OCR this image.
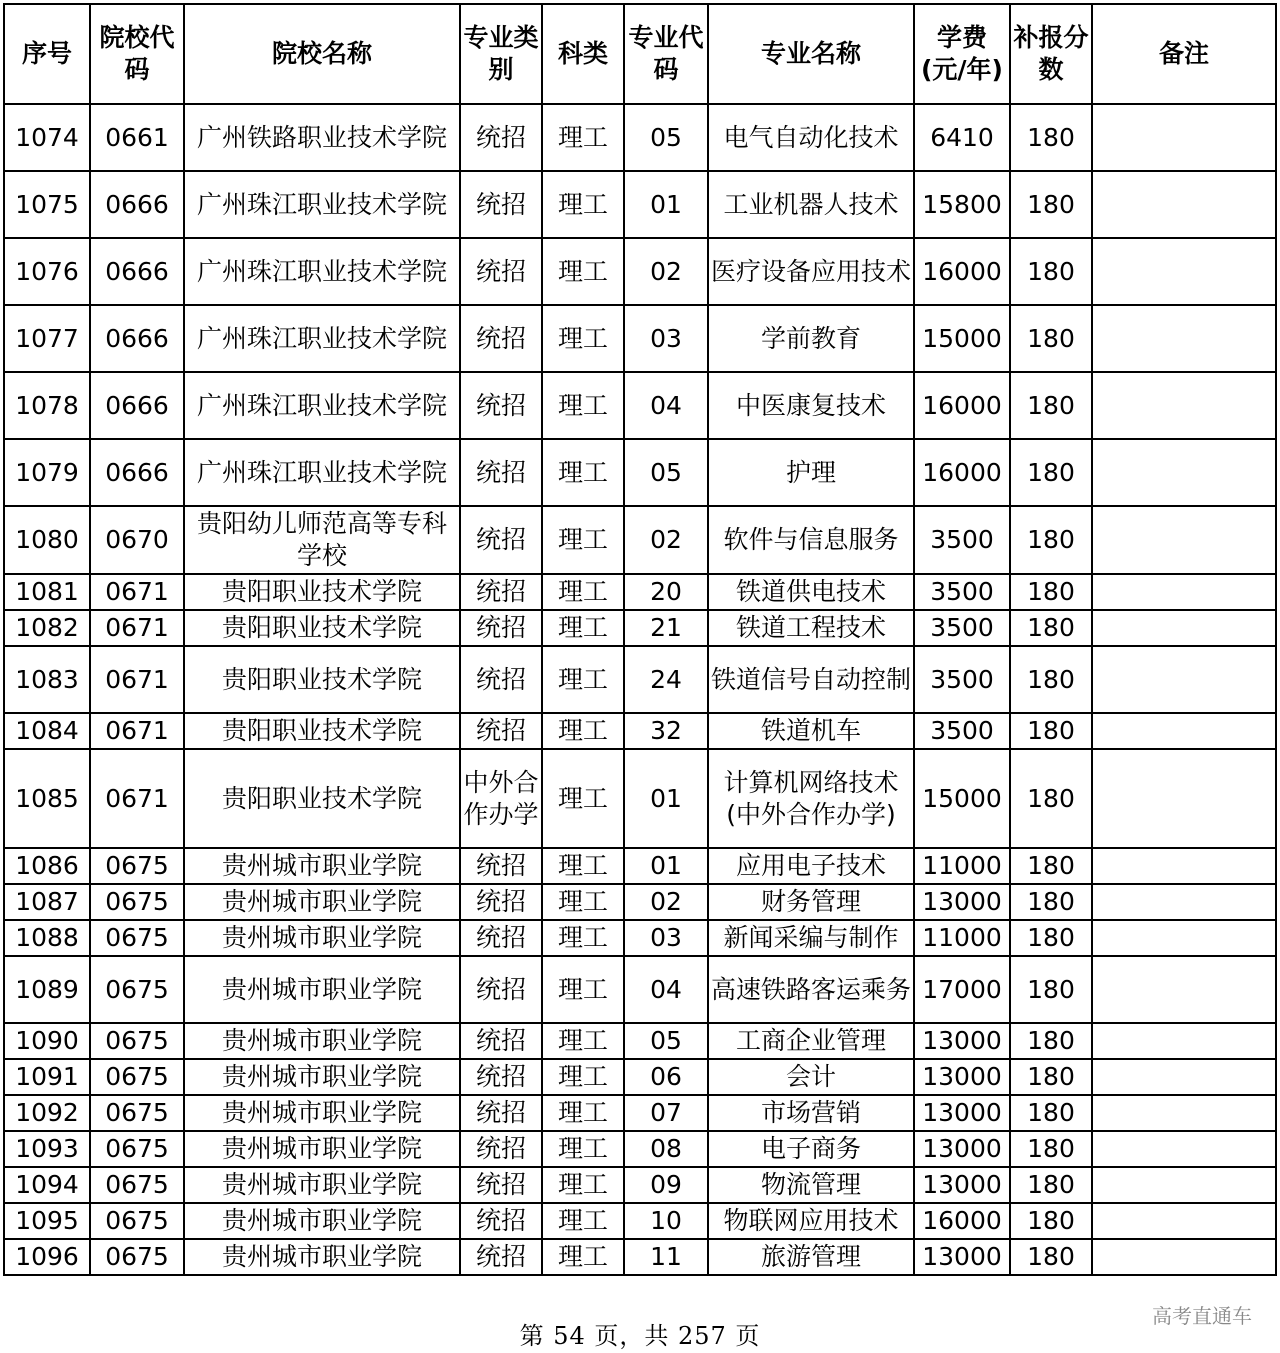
序号	院校代码	院校名称	专业类别	科类	专业代码	专业名称	学费(元/年)	补报分数	备注
1074	0661	广州铁路职业技术学院	统招	理工	05	电气自动化技术	6410	180	
1075	0666	广州珠江职业技术学院	统招	理工	01	工业机器人技术	15800	180	
1076	0666	广州珠江职业技术学院	统招	理工	02	医疗设备应用技术	16000	180	
1077	0666	广州珠江职业技术学院	统招	理工	03	学前教育	15000	180	
1078	0666	广州珠江职业技术学院	统招	理工	04	中医康复技术	16000	180	
1079	0666	广州珠江职业技术学院	统招	理工	05	护理	16000	180	
1080	0670	贵阳幼儿师范高等专科学校	统招	理工	02	软件与信息服务	3500	180	
1081	0671	贵阳职业技术学院	统招	理工	20	铁道供电技术	3500	180	
1082	0671	贵阳职业技术学院	统招	理工	21	铁道工程技术	3500	180	
1083	0671	贵阳职业技术学院	统招	理工	24	铁道信号自动控制	3500	180	
1084	0671	贵阳职业技术学院	统招	理工	32	铁道机车	3500	180	
1085	0671	贵阳职业技术学院	中外合作办学	理工	01	计算机网络技术(中外合作办学)	15000	180	
1086	0675	贵州城市职业学院	统招	理工	01	应用电子技术	11000	180	
1087	0675	贵州城市职业学院	统招	理工	02	财务管理	13000	180	
1088	0675	贵州城市职业学院	统招	理工	03	新闻采编与制作	11000	180	
1089	0675	贵州城市职业学院	统招	理工	04	高速铁路客运乘务	17000	180	
1090	0675	贵州城市职业学院	统招	理工	05	工商企业管理	13000	180	
1091	0675	贵州城市职业学院	统招	理工	06	会计	13000	180	
1092	0675	贵州城市职业学院	统招	理工	07	市场营销	13000	180	
1093	0675	贵州城市职业学院	统招	理工	08	电子商务	13000	180	
1094	0675	贵州城市职业学院	统招	理工	09	物流管理	13000	180	
1095	0675	贵州城市职业学院	统招	理工	10	物联网应用技术	16000	180	
1096	0675	贵州城市职业学院	统招	理工	11	旅游管理	13000	180	
第 54 页，共 257 页
高考直通车
